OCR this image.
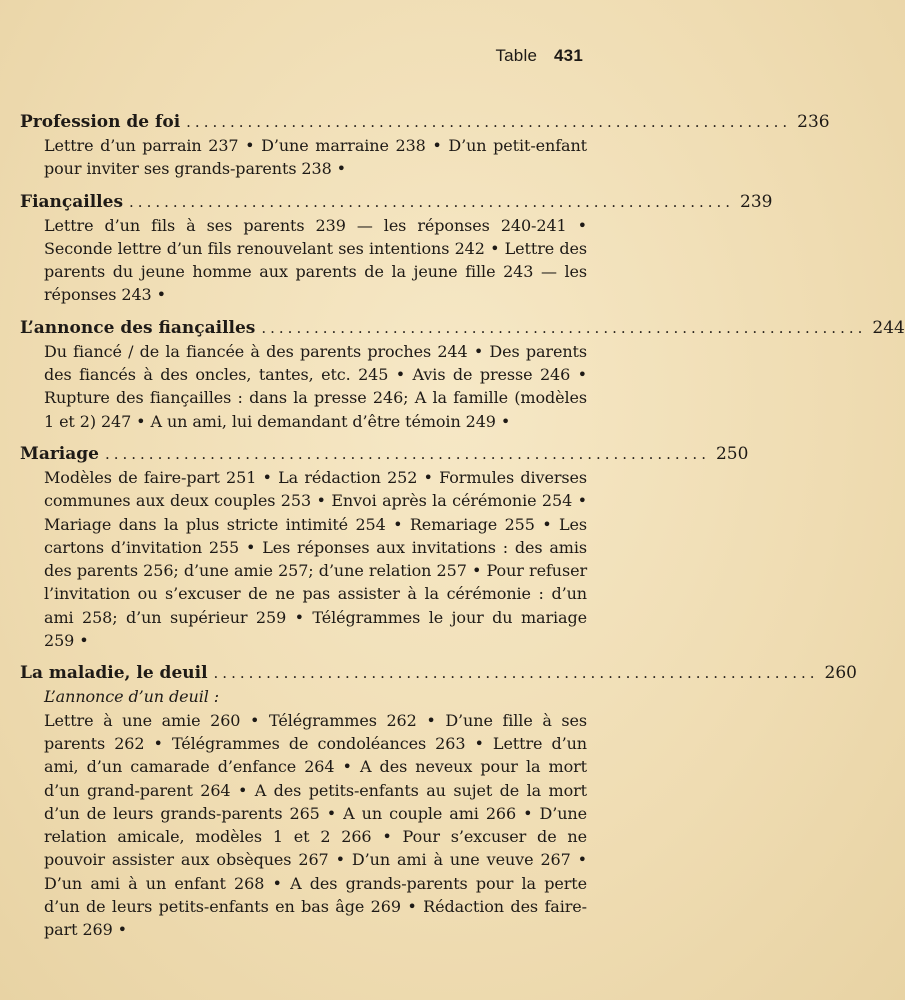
Table 431
Profession de foi ..................................................................... 236
Lettre d’un parrain 237 • D’une marraine 238 • D’un petit-enfant pour inviter ses grands-parents 238 •
Fiançailles ..................................................................... 239
Lettre d’un fils à ses parents 239 — les réponses 240-241 • Seconde lettre d’un fils renouvelant ses intentions 242 • Lettre des parents du jeune homme aux parents de la jeune fille 243 — les réponses 243 •
L’annonce des fiançailles ..................................................................... 244
Du fiancé / de la fiancée à des parents proches 244 • Des parents des fiancés à des oncles, tantes, etc. 245 • Avis de presse 246 • Rupture des fiançailles : dans la presse 246; A la famille (modèles 1 et 2) 247 • A un ami, lui demandant d’être témoin 249 •
Mariage ..................................................................... 250
Modèles de faire-part 251 • La rédaction 252 • Formules diverses communes aux deux couples 253 • Envoi après la cérémonie 254 • Mariage dans la plus stricte intimité 254 • Remariage 255 • Les cartons d’invitation 255 • Les réponses aux invitations : des amis des parents 256; d’une amie 257; d’une relation 257 • Pour refuser l’invitation ou s’excuser de ne pas assister à la cérémonie : d’un ami 258; d’un supérieur 259 • Télégrammes le jour du mariage 259 •
La maladie, le deuil ..................................................................... 260
L’annonce d’un deuil :
Lettre à une amie 260 • Télégrammes 262 • D’une fille à ses parents 262 • Télégrammes de condoléances 263 • Lettre d’un ami, d’un camarade d’enfance 264 • A des neveux pour la mort d’un grand-parent 264 • A des petits-enfants au sujet de la mort d’un de leurs grands-parents 265 • A un couple ami 266 • D’une relation amicale, modèles 1 et 2 266 • Pour s’excuser de ne pouvoir assister aux obsèques 267 • D’un ami à une veuve 267 • D’un ami à un enfant 268 • A des grands-parents pour la perte d’un de leurs petits-enfants en bas âge 269 • Rédaction des faire-part 269 •
